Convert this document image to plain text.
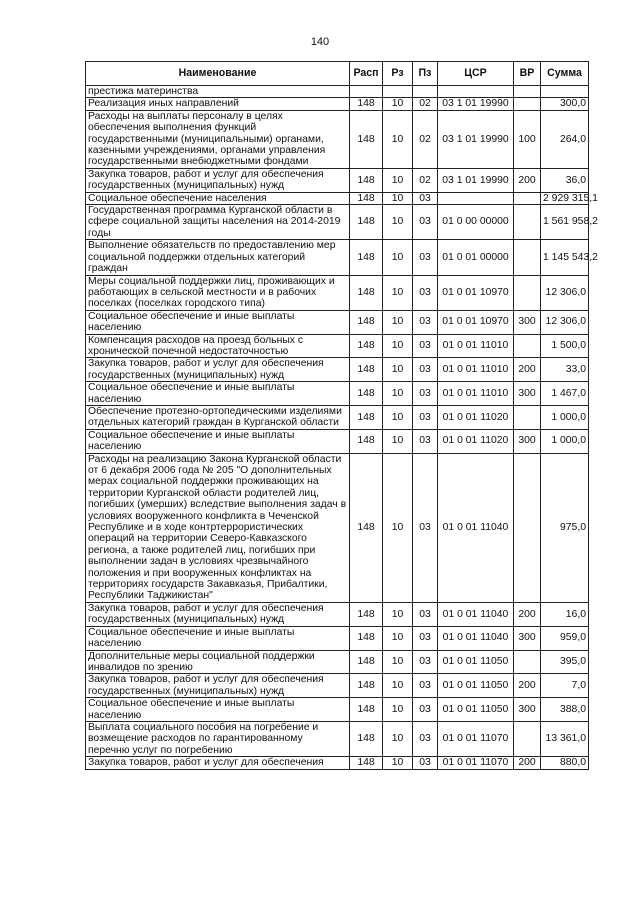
140
Наименование	Расп	Рз	Пз	ЦСР	ВР	Сумма
престижа материнства						
Реализация иных направлений	148	10	02	03 1 01 19990		300,0
Расходы на выплаты персоналу в целях обеспечения выполнения функций государственными (муниципальными) органами, казенными учреждениями, органами управления государственными внебюджетными фондами	148	10	02	03 1 01 19990	100	264,0
Закупка товаров, работ и услуг для обеспечения государственных (муниципальных) нужд	148	10	02	03 1 01 19990	200	36,0
Социальное обеспечение населения	148	10	03			2 929 315,1
Государственная программа Курганской области в сфере социальной защиты населения на 2014-2019 годы	148	10	03	01 0 00 00000		1 561 958,2
Выполнение обязательств по предоставлению мер социальной поддержки отдельных категорий граждан	148	10	03	01 0 01 00000		1 145 543,2
Меры социальной поддержки лиц, проживающих и работающих в сельской местности и в рабочих поселках (поселках городского типа)	148	10	03	01 0 01 10970		12 306,0
Социальное обеспечение и иные выплаты населению	148	10	03	01 0 01 10970	300	12 306,0
Компенсация расходов на проезд больных с хронической почечной недостаточностью	148	10	03	01 0 01 11010		1 500,0
Закупка товаров, работ и услуг для обеспечения государственных (муниципальных) нужд	148	10	03	01 0 01 11010	200	33,0
Социальное обеспечение и иные выплаты населению	148	10	03	01 0 01 11010	300	1 467,0
Обеспечение протезно-ортопедическими изделиями отдельных категорий граждан в Курганской области	148	10	03	01 0 01 11020		1 000,0
Социальное обеспечение и иные выплаты населению	148	10	03	01 0 01 11020	300	1 000,0
Расходы на реализацию Закона Курганской области от 6 декабря 2006 года № 205 "О дополнительных мерах социальной поддержки проживающих на территории Курганской области родителей лиц, погибших (умерших) вследствие выполнения задач в условиях вооруженного конфликта в Чеченской Республике и в ходе контртеррористических операций на территории Северо-Кавказского региона, а также родителей лиц, погибших при выполнении задач в условиях чрезвычайного положения и при вооруженных конфликтах на территориях государств Закавказья, Прибалтики, Республики Таджикистан"	148	10	03	01 0 01 11040		975,0
Закупка товаров, работ и услуг для обеспечения государственных (муниципальных) нужд	148	10	03	01 0 01 11040	200	16,0
Социальное обеспечение и иные выплаты населению	148	10	03	01 0 01 11040	300	959,0
Дополнительные меры социальной поддержки инвалидов по зрению	148	10	03	01 0 01 11050		395,0
Закупка товаров, работ и услуг для обеспечения государственных (муниципальных) нужд	148	10	03	01 0 01 11050	200	7,0
Социальное обеспечение и иные выплаты населению	148	10	03	01 0 01 11050	300	388,0
Выплата социального пособия на погребение и возмещение расходов по гарантированному перечню услуг по погребению	148	10	03	01 0 01 11070		13 361,0
Закупка товаров, работ и услуг для обеспечения	148	10	03	01 0 01 11070	200	880,0
